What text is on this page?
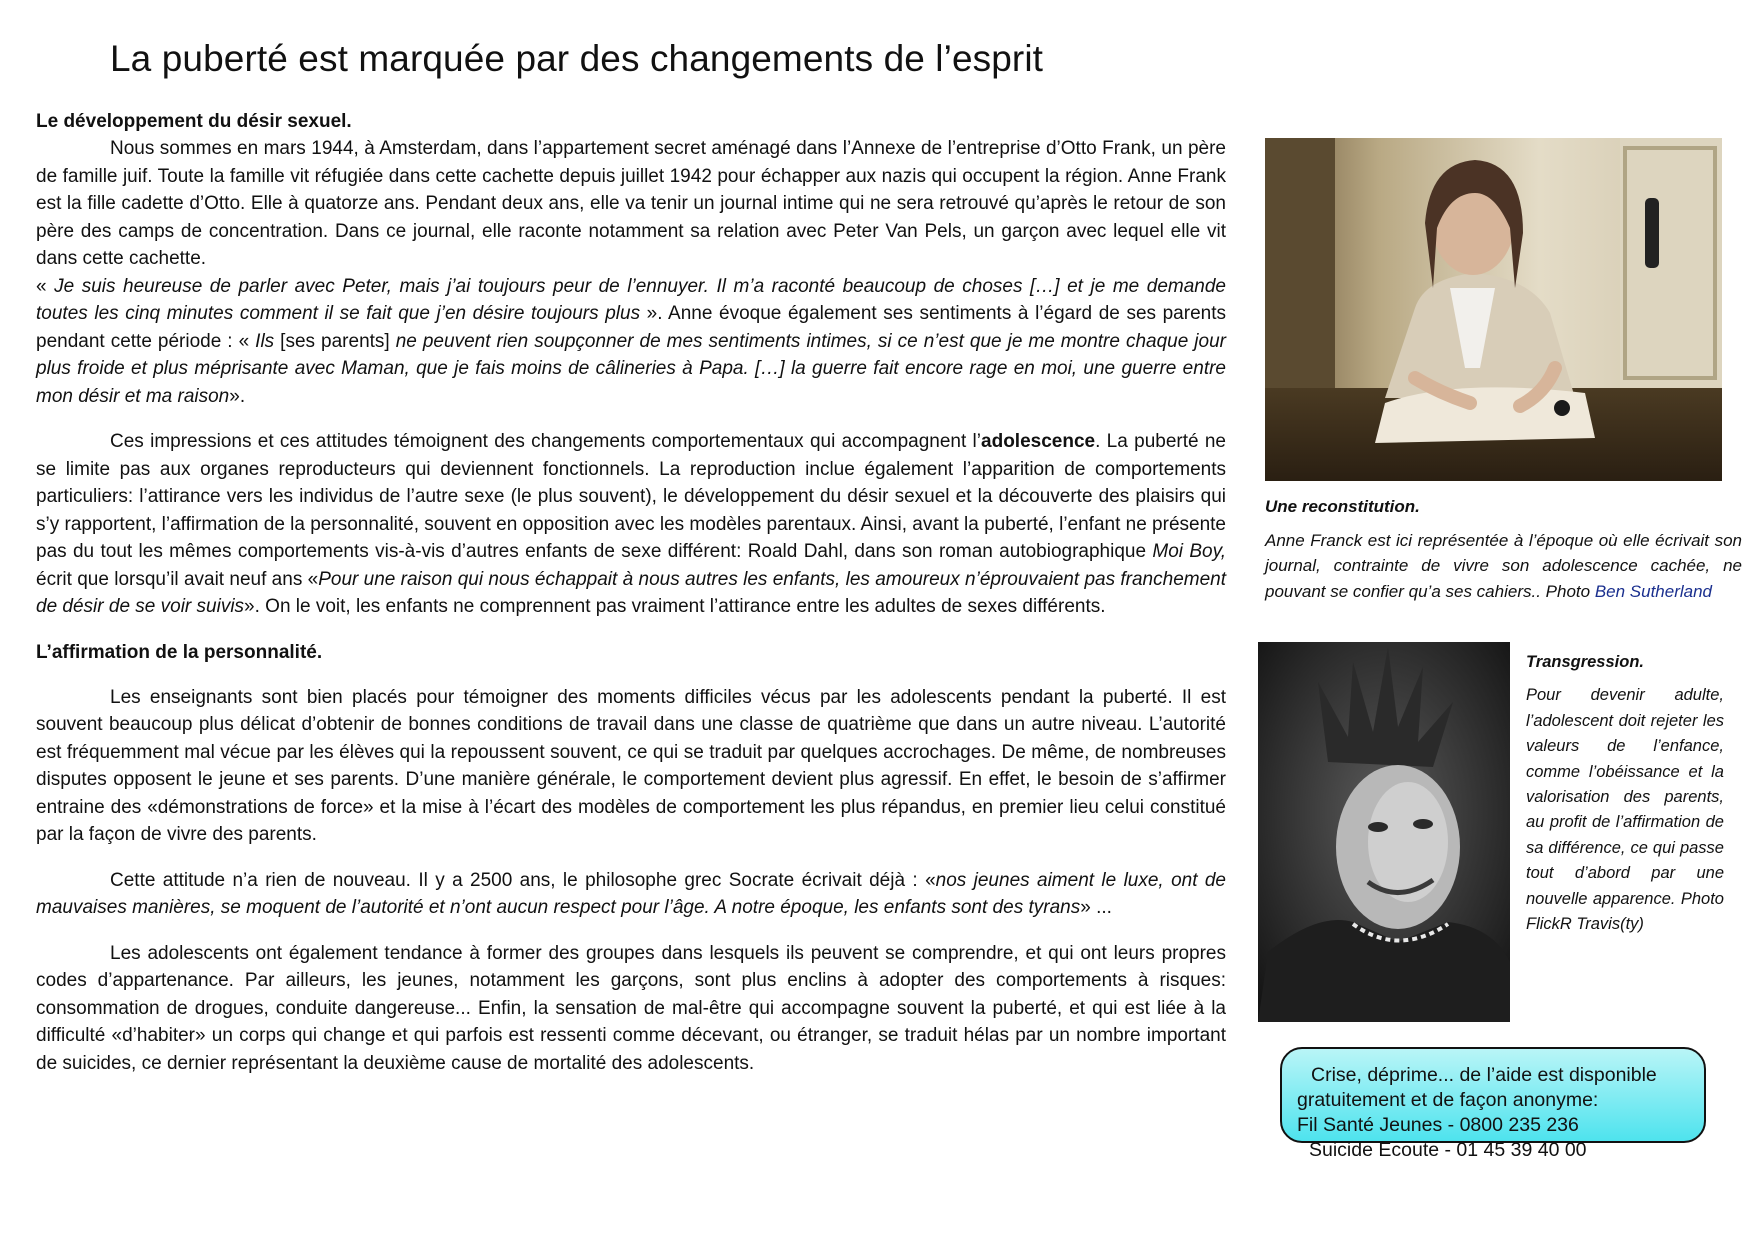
La puberté est marquée par des changements de l’esprit
Le développement du désir sexuel.

Nous sommes en mars 1944, à Amsterdam, dans l’appartement secret aménagé dans l’Annexe de l’entreprise d’Otto Frank, un père de famille juif. Toute la famille vit réfugiée dans cette cachette depuis juillet 1942 pour échapper aux nazis qui occupent la région. Anne Frank est la fille cadette d’Otto. Elle à quatorze ans. Pendant deux ans, elle va tenir un journal intime qui ne sera retrouvé qu’après le retour de son père des camps de concentration. Dans ce journal, elle raconte notamment sa relation avec Peter Van Pels, un garçon avec lequel elle vit dans cette cachette.
« Je suis heureuse de parler avec Peter, mais j’ai toujours peur de l’ennuyer. Il m’a raconté beaucoup de choses […] et je me demande toutes les cinq minutes comment il se fait que j’en désire toujours plus ». Anne évoque également ses sentiments à l’égard de ses parents pendant cette période : « Ils [ses parents] ne peuvent rien soupçonner de mes sentiments intimes, si ce n’est que je me montre chaque jour plus froide et plus méprisante avec Maman, que je fais moins de câlineries à Papa. […] la guerre fait encore rage en moi, une guerre entre mon désir et ma raison».

Ces impressions et ces attitudes témoignent des changements comportementaux qui accompagnent l’adolescence. La puberté ne se limite pas aux organes reproducteurs qui deviennent fonctionnels. La reproduction inclue également l’apparition de comportements particuliers: l’attirance vers les individus de l’autre sexe (le plus souvent), le développement du désir sexuel et la découverte des plaisirs qui s’y rapportent, l’affirmation de la personnalité, souvent en opposition avec les modèles parentaux. Ainsi, avant la puberté, l’enfant ne présente pas du tout les mêmes comportements vis-à-vis d’autres enfants de sexe différent: Roald Dahl, dans son roman autobiographique Moi Boy, écrit que lorsqu’il avait neuf ans «Pour une raison qui nous échappait à nous autres les enfants, les amoureux n’éprouvaient pas franchement de désir de se voir suivis». On le voit, les enfants ne comprennent pas vraiment l’attirance entre les adultes de sexes différents.

L’affirmation de la personnalité.

Les enseignants sont bien placés pour témoigner des moments difficiles vécus par les adolescents pendant la puberté. Il est souvent beaucoup plus délicat d’obtenir de bonnes conditions de travail dans une classe de quatrième que dans un autre niveau. L’autorité est fréquemment mal vécue par les élèves qui la repoussent souvent, ce qui se traduit par quelques accrochages. De même, de nombreuses disputes opposent le jeune et ses parents. D’une manière générale, le comportement devient plus agressif. En effet, le besoin de s’affirmer entraine des «démonstrations de force» et la mise à l’écart des modèles de comportement les plus répandus, en premier lieu celui constitué par la façon de vivre des parents.

Cette attitude n’a rien de nouveau. Il y a 2500 ans, le philosophe grec Socrate écrivait déjà : «nos jeunes aiment le luxe, ont de mauvaises manières, se moquent de l’autorité et n’ont aucun respect pour l’âge. A notre époque, les enfants sont des tyrans» ...

Les adolescents ont également tendance à former des groupes dans lesquels ils peuvent se comprendre, et qui ont leurs propres codes d’appartenance. Par ailleurs, les jeunes, notamment les garçons, sont plus enclins à adopter des comportements à risques: consommation de drogues, conduite dangereuse... Enfin, la sensation de mal-être qui accompagne souvent la puberté, et qui est liée à la difficulté «d’habiter» un corps qui change et qui parfois est ressenti comme décevant, ou étranger, se traduit hélas par un nombre important de suicides, ce dernier représentant la deuxième cause de mortalité des adolescents.

Une reconstitution.
Anne Franck est ici représentée à l’époque où elle écrivait son journal, contrainte de vivre son adolescence cachée, ne pouvant se confier qu’a ses cahiers.. Photo Ben Sutherland
Transgression.
Pour devenir adulte, l’adolescent doit rejeter les valeurs de l’enfance, comme l’obéissance et la valorisation des parents, au profit de l’affirmation de sa différence, ce qui passe tout d’abord par une nouvelle apparence. Photo FlickR Travis(ty)
Crise, déprime... de l’aide est disponible
gratuitement et de façon anonyme:
Fil Santé Jeunes - 0800 235 236
Suicide Ecoute - 01 45 39 40 00
